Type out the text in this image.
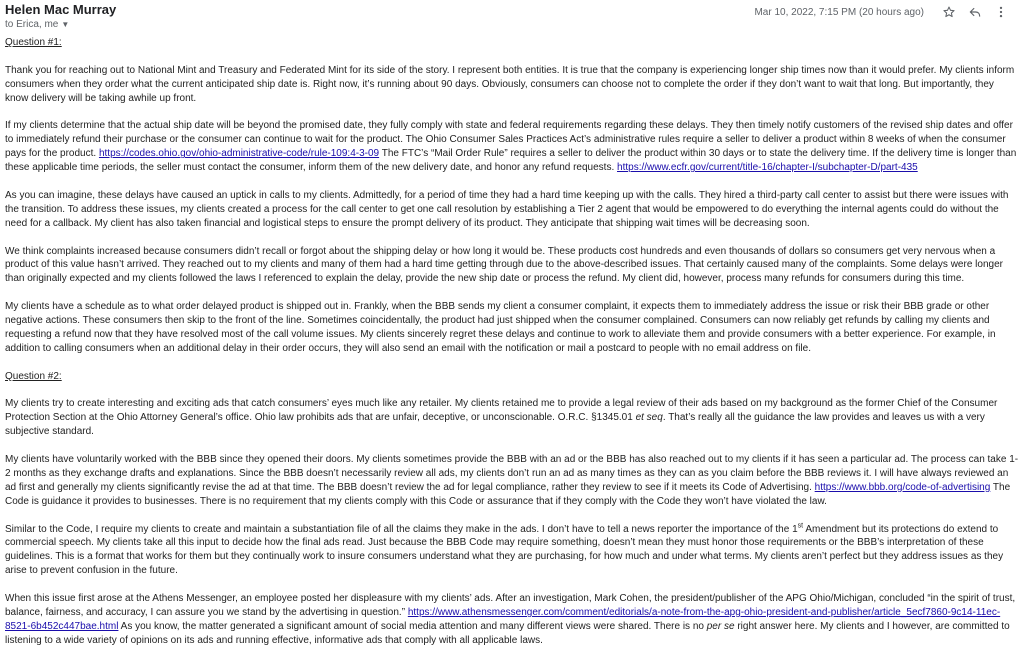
Helen Mac Murray
to Erica, me ▼
Mar 10, 2022, 7:15 PM (20 hours ago)

Question #1:

Thank you for reaching out to National Mint and Treasury and Federated Mint for its side of the story. I represent both entities. It is true that the company is experiencing longer ship times now than it would prefer. My clients inform consumers when they order what the current anticipated ship date is. Right now, it’s running about 90 days. Obviously, consumers can choose not to complete the order if they don’t want to wait that long. But importantly, they know delivery will be taking awhile up front.

If my clients determine that the actual ship date will be beyond the promised date, they fully comply with state and federal requirements regarding these delays. They then timely notify customers of the revised ship dates and offer to immediately refund their purchase or the consumer can continue to wait for the product. The Ohio Consumer Sales Practices Act’s administrative rules require a seller to deliver a product within 8 weeks of when the consumer pays for the product. https://codes.ohio.gov/ohio-administrative-code/rule-109:4-3-09 The FTC’s “Mail Order Rule” requires a seller to deliver the product within 30 days or to state the delivery time. If the delivery time is longer than these applicable time periods, the seller must contact the consumer, inform them of the new delivery date, and honor any refund requests. https://www.ecfr.gov/current/title-16/chapter-I/subchapter-D/part-435

As you can imagine, these delays have caused an uptick in calls to my clients. Admittedly, for a period of time they had a hard time keeping up with the calls. They hired a third-party call center to assist but there were issues with the transition. To address these issues, my clients created a process for the call center to get one call resolution by establishing a Tier 2 agent that would be empowered to do everything the internal agents could do without the need for a callback. My client has also taken financial and logistical steps to ensure the prompt delivery of its product. They anticipate that shipping wait times will be decreasing soon.

We think complaints increased because consumers didn’t recall or forgot about the shipping delay or how long it would be. These products cost hundreds and even thousands of dollars so consumers get very nervous when a product of this value hasn’t arrived. They reached out to my clients and many of them had a hard time getting through due to the above-described issues. That certainly caused many of the complaints. Some delays were longer than originally expected and my clients followed the laws I referenced to explain the delay, provide the new ship date or process the refund. My client did, however, process many refunds for consumers during this time.

My clients have a schedule as to what order delayed product is shipped out in. Frankly, when the BBB sends my client a consumer complaint, it expects them to immediately address the issue or risk their BBB grade or other negative actions. These consumers then skip to the front of the line. Sometimes coincidentally, the product had just shipped when the consumer complained. Consumers can now reliably get refunds by calling my clients and requesting a refund now that they have resolved most of the call volume issues. My clients sincerely regret these delays and continue to work to alleviate them and provide consumers with a better experience. For example, in addition to calling consumers when an additional delay in their order occurs, they will also send an email with the notification or mail a postcard to people with no email address on file.

Question #2:

My clients try to create interesting and exciting ads that catch consumers’ eyes much like any retailer. My clients retained me to provide a legal review of their ads based on my background as the former Chief of the Consumer Protection Section at the Ohio Attorney General’s office. Ohio law prohibits ads that are unfair, deceptive, or unconscionable. O.R.C. §1345.01 et seq. That’s really all the guidance the law provides and leaves us with a very subjective standard.

My clients have voluntarily worked with the BBB since they opened their doors. My clients sometimes provide the BBB with an ad or the BBB has also reached out to my clients if it has seen a particular ad. The process can take 1-2 months as they exchange drafts and explanations. Since the BBB doesn’t necessarily review all ads, my clients don’t run an ad as many times as they can as you claim before the BBB reviews it. I will have always reviewed an ad first and generally my clients significantly revise the ad at that time. The BBB doesn’t review the ad for legal compliance, rather they review to see if it meets its Code of Advertising. https://www.bbb.org/code-of-advertising The Code is guidance it provides to businesses. There is no requirement that my clients comply with this Code or assurance that if they comply with the Code they won’t have violated the law.

Similar to the Code, I require my clients to create and maintain a substantiation file of all the claims they make in the ads. I don’t have to tell a news reporter the importance of the 1st Amendment but its protections do extend to commercial speech. My clients take all this input to decide how the final ads read. Just because the BBB Code may require something, doesn’t mean they must honor those requirements or the BBB’s interpretation of these guidelines. This is a format that works for them but they continually work to insure consumers understand what they are purchasing, for how much and under what terms. My clients aren’t perfect but they address issues as they arise to prevent confusion in the future.

When this issue first arose at the Athens Messenger, an employee posted her displeasure with my clients’ ads. After an investigation, Mark Cohen, the president/publisher of the APG Ohio/Michigan, concluded “in the spirit of trust, balance, fairness, and accuracy, I can assure you we stand by the advertising in question.” https://www.athensmessenger.com/comment/editorials/a-note-from-the-apg-ohio-president-and-publisher/article_5ecf7860-9c14-11ec-8521-6b452c447bae.html As you know, the matter generated a significant amount of social media attention and many different views were shared. There is no per se right answer here. My clients and I however, are committed to listening to a wide variety of opinions on its ads and running effective, informative ads that comply with all applicable laws.
